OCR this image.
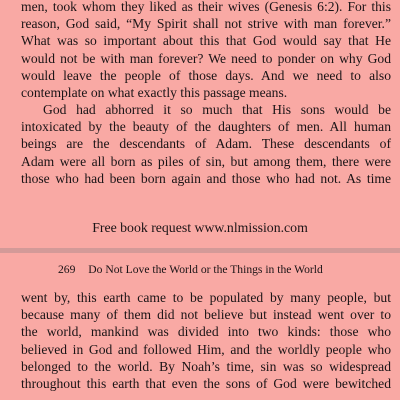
men, took whom they liked as their wives (Genesis 6:2). For this
reason, God said, “My Spirit shall not strive with man forever.”
What was so important about this that God would say that He
would not be with man forever? We need to ponder on why God
would leave the people of those days. And we need to also
contemplate on what exactly this passage means.

God had abhorred it so much that His sons would be
intoxicated by the beauty of the daughters of men. All human
beings are the descendants of Adam. These descendants of
Adam were all born as piles of sin, but among them, there were
those who had been born again and those who had not. As time

Free book request www.nlmission.com
269 Do Not Love the World or the Things in the World

went by, this earth came to be populated by many people, but
because many of them did not believe but instead went over to
the world, mankind was divided into two kinds: those who
believed in God and followed Him, and the worldly people who
belonged to the world. By Noah’s time, sin was so widespread
throughout this earth that even the sons of God were bewitched
